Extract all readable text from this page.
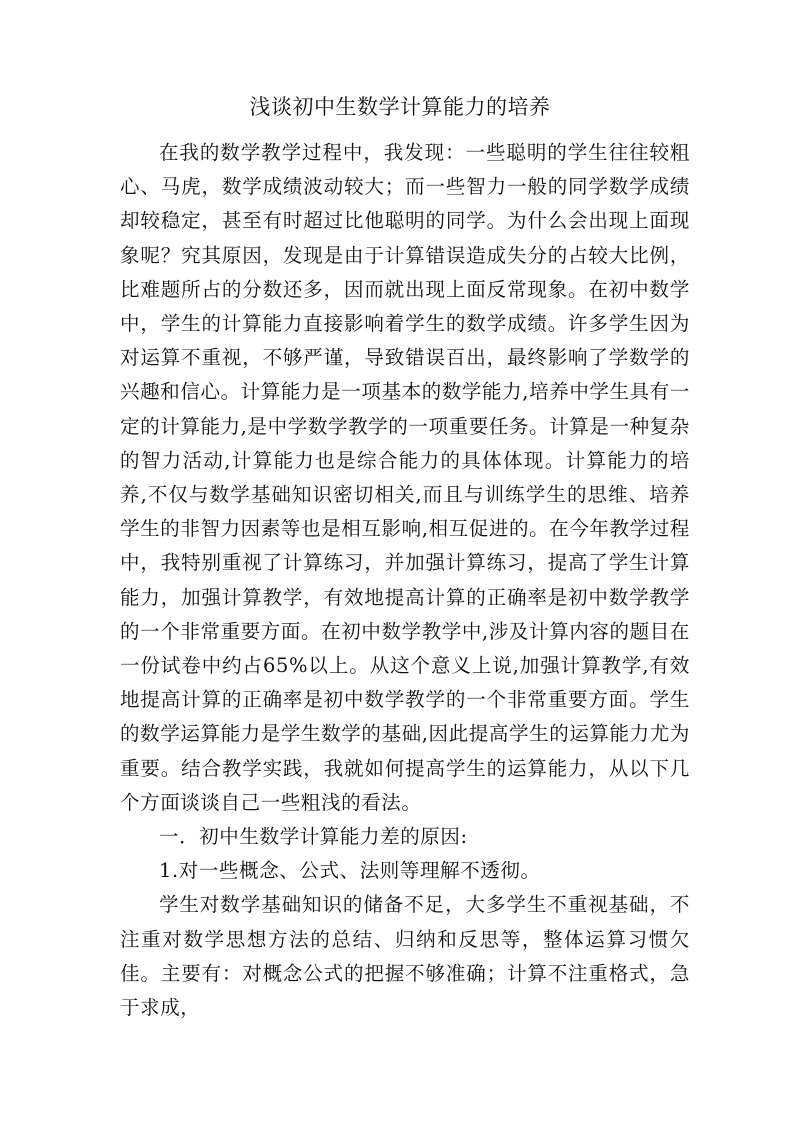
浅谈初中生数学计算能力的培养

在我的数学教学过程中，我发现：一些聪明的学生往往较粗心、马虎，数学成绩波动较大；而一些智力一般的同学数学成绩却较稳定，甚至有时超过比他聪明的同学。为什么会出现上面现象呢？究其原因，发现是由于计算错误造成失分的占较大比例，比难题所占的分数还多，因而就出现上面反常现象。在初中数学中，学生的计算能力直接影响着学生的数学成绩。许多学生因为对运算不重视，不够严谨，导致错误百出，最终影响了学数学的兴趣和信心。计算能力是一项基本的数学能力,培养中学生具有一定的计算能力,是中学数学教学的一项重要任务。计算是一种复杂的智力活动,计算能力也是综合能力的具体体现。计算能力的培养,不仅与数学基础知识密切相关,而且与训练学生的思维、培养学生的非智力因素等也是相互影响,相互促进的。在今年教学过程中，我特别重视了计算练习，并加强计算练习，提高了学生计算能力，加强计算教学，有效地提高计算的正确率是初中数学教学的一个非常重要方面。在初中数学教学中,涉及计算内容的题目在一份试卷中约占65%以上。从这个意义上说,加强计算教学,有效地提高计算的正确率是初中数学教学的一个非常重要方面。学生的数学运算能力是学生数学的基础,因此提高学生的运算能力尤为重要。结合教学实践，我就如何提高学生的运算能力，从以下几个方面谈谈自己一些粗浅的看法。

一．初中生数学计算能力差的原因:

1.对一些概念、公式、法则等理解不透彻。

学生对数学基础知识的储备不足，大多学生不重视基础，不注重对数学思想方法的总结、归纳和反思等，整体运算习惯欠佳。主要有：对概念公式的把握不够准确；计算不注重格式，急于求成，
